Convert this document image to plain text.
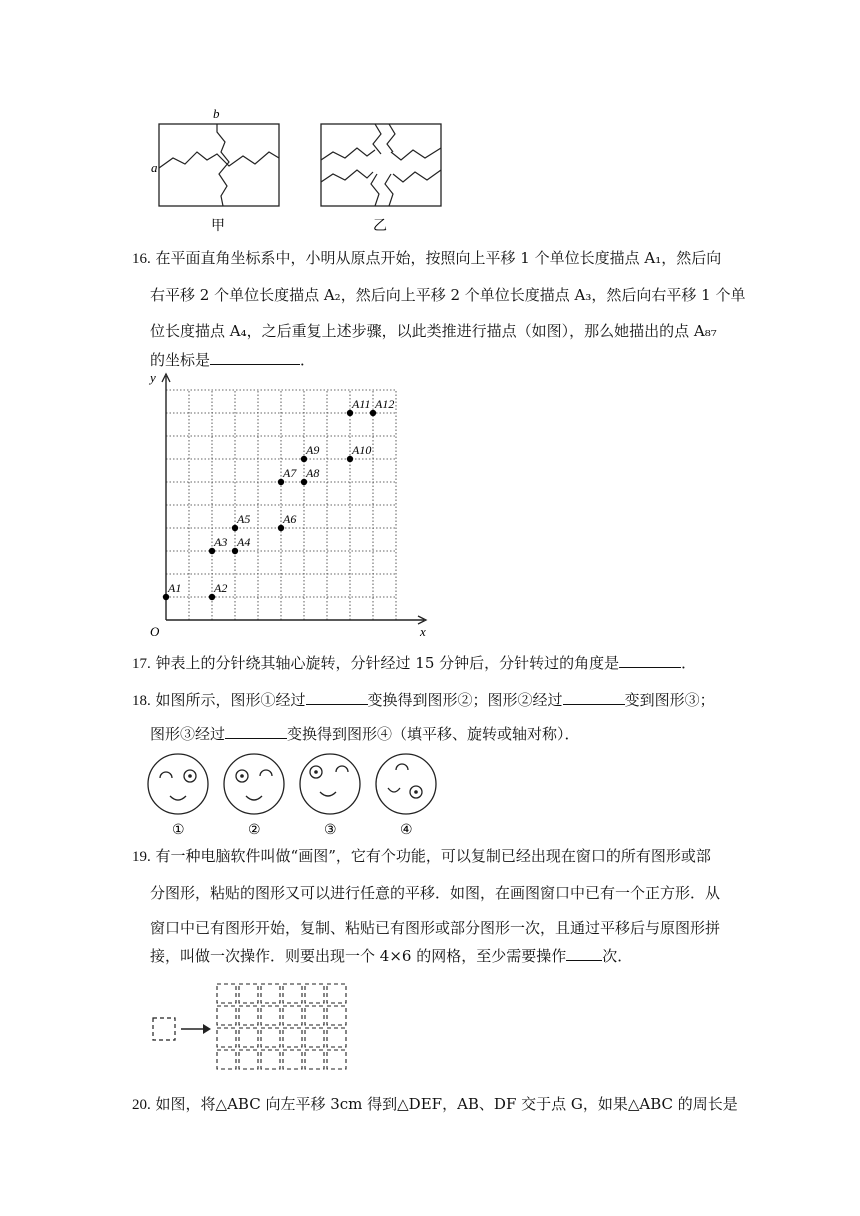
a
b
甲	乙
16. 在平面直角坐标系中，小明从原点开始，按照向上平移 1 个单位长度描点 A₁，然后向
右平移 2 个单位长度描点 A₂，然后向上平移 2 个单位长度描点 A₃，然后向右平移 1 个单
位长度描点 A₄，之后重复上述步骤，以此类推进行描点（如图），那么她描出的点 A₈₇
的坐标是	．
y
x
O
A1	A2
A3 A4
A5	A6
A7 A8
A9	A10
A11 A12
17. 钟表上的分针绕其轴心旋转，分针经过 15 分钟后，分针转过的角度是	．
18. 如图所示，图形①经过	变换得到图形②；图形②经过	变到图形③；
图形③经过	变换得到图形④（填平移、旋转或轴对称）．
①	②	③	④
19. 有一种电脑软件叫做“画图”，它有个功能，可以复制已经出现在窗口的所有图形或部
分图形，粘贴的图形又可以进行任意的平移．如图，在画图窗口中已有一个正方形．从
窗口中已有图形开始，复制、粘贴已有图形或部分图形一次，且通过平移后与原图形拼
接，叫做一次操作．则要出现一个 4×6 的网格，至少需要操作 次．
20. 如图，将△ABC 向左平移 3cm 得到△DEF，AB、DF 交于点 G，如果△ABC 的周长是
